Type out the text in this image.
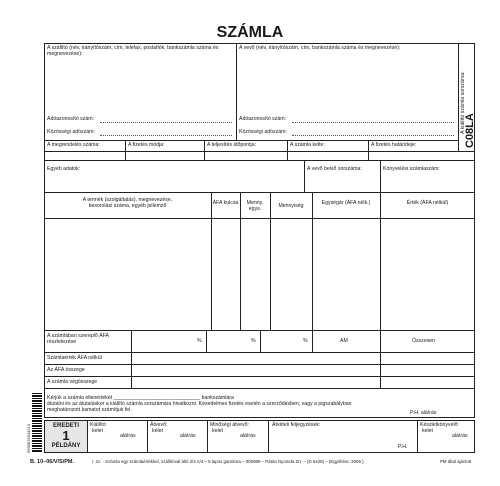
SZÁMLA
A szállító (név, irányítószám, cím, telefax, postafiók, bankszámla száma és megnevezése):
Adóazonosító szám:
Közösségi adószám:
A vevő (név, irányítószám, cím, bankszámla száma és megnevezése):
Adóazonosító szám:
Közösségi adószám:	A kiállító számla sorszáma:
C08LA
A megrendelés száma:	A fizetés módja:	A teljesítés időpontja:	A számla kelte:	A fizetés határideje:
Egyéb adatok:	A vevő belső sorszáma:	Könyvelési számlaszám:
A termék (szolgáltatás), megnevezése, besorolási száma, egyéb jellemző	ÁFA kulcsa	Menny. egys.	Mennyiség	Egységár (ÁFA nélk.)	Érték (ÁFA nélkül)
A számlában szereplő ÁFA részletezése	%	%	%	AM	Összesen
Számlaérték ÁFA nélkül
Az ÁFA összege
A számla végösszege
Kérjük a számla ellenértékét ______________________________ bankszámlára
átutalni és az átutaláskor a kiállító számla sorszámára hivatkozni. Késedelmes fizetés esetén a szerződésben, vagy a jogszabályban
meghatározott kamatot számítjuk fel.	P.H. aláírás
5999876543213	EREDETI
1
PÉLDÁNY
Kiállító:
kelet
aláírás
Átvevő:
kelet
aláírás
Minőségi átvevő:
kelet
aláírás
Átvételi feljegyzések:
P.H.
Készletkönyvelő:
kelet
aláírás
B. 10–06/V/S/PM.	r. sz. · Számla egy számlaértékkel, szállítóval álló 2/3 A/4 – 5 lapos garnitúra – 005989 – Pátria Nyomda Zrt. – (D 5428) – (Egyéb/ve: 2006.)	PM által ajánlott
